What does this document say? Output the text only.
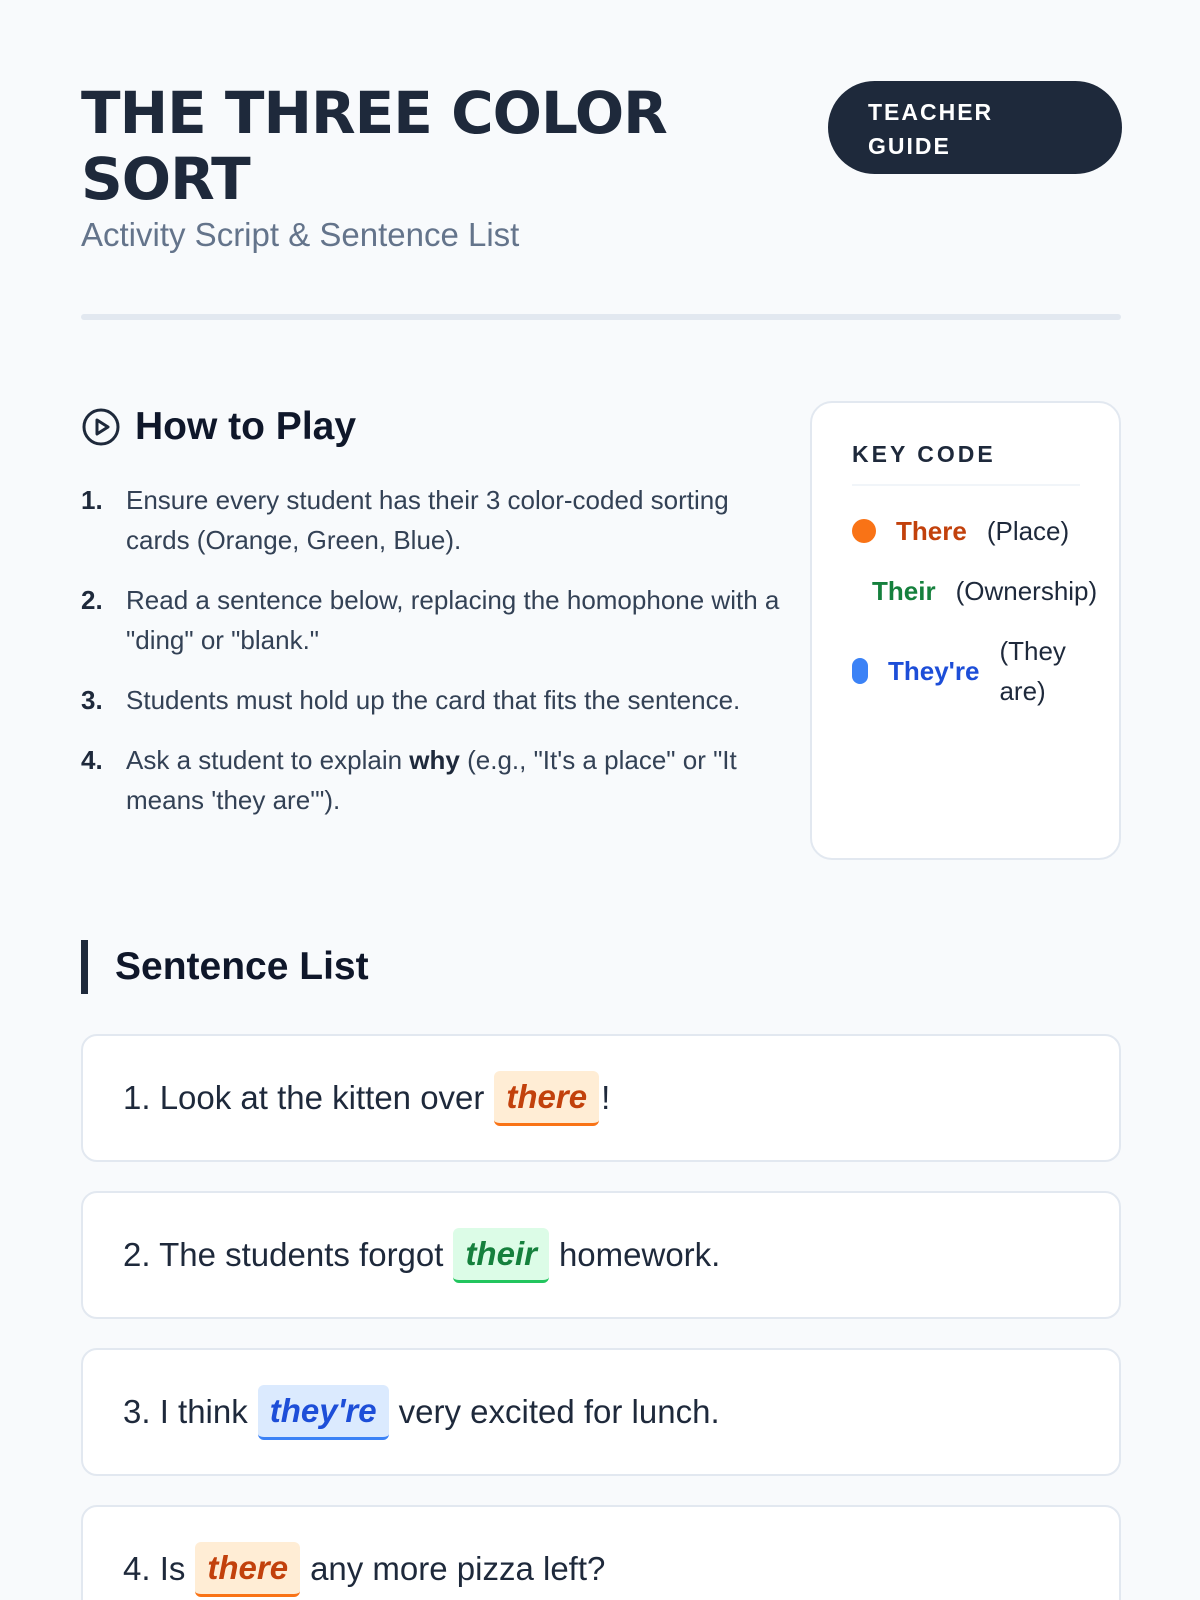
THE THREE COLOR SORT
Activity Script & Sentence List
TEACHER GUIDE
How to Play
1. Ensure every student has their 3 color-coded sorting cards (Orange, Green, Blue).
2. Read a sentence below, replacing the homophone with a "ding" or "blank."
3. Students must hold up the card that fits the sentence.
4. Ask a student to explain why (e.g., "It's a place" or "It means 'they are'").
KEY CODE
There (Place)
Their (Ownership)
They're
(They are)
Sentence List
1. Look at the kitten over there !
2. The students forgot their homework.
3. I think they're very excited for lunch.
4. Is there any more pizza left?
